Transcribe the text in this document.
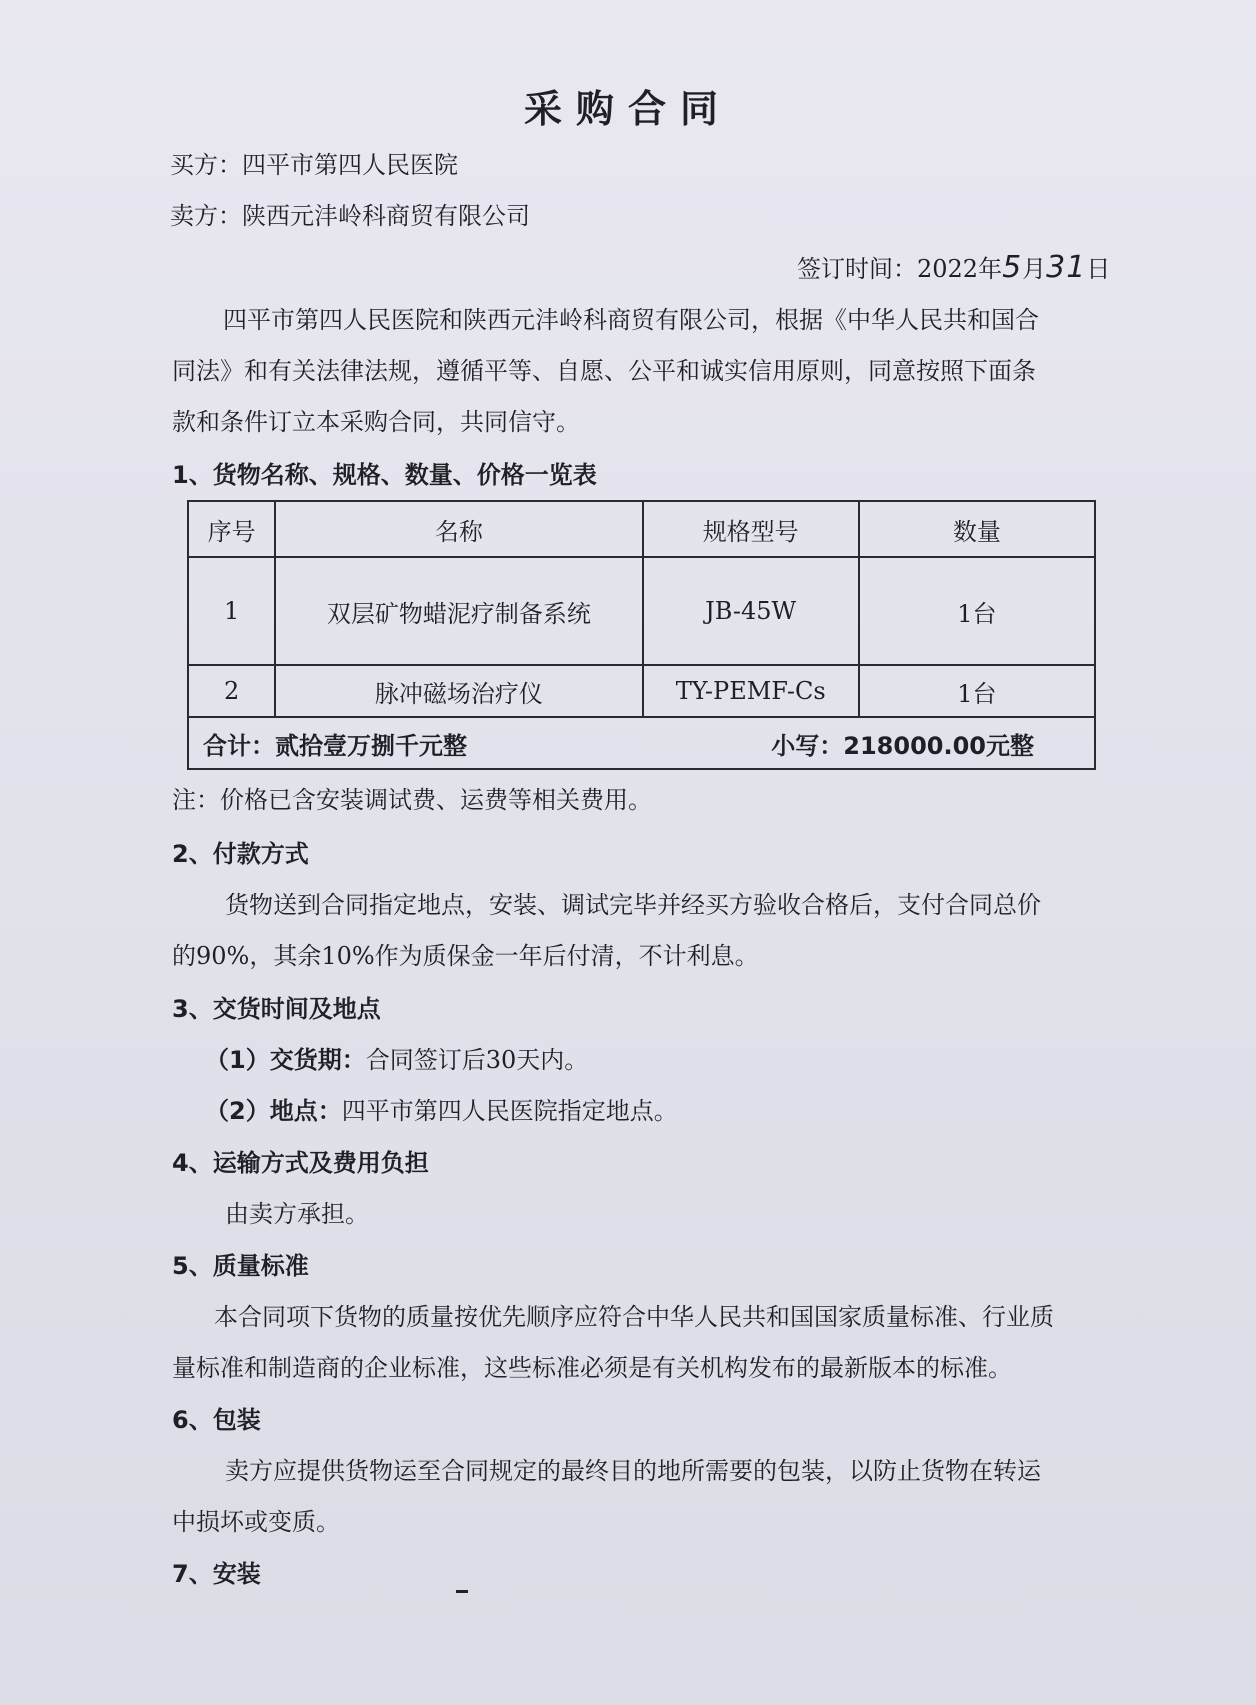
采购合同
买方：四平市第四人民医院
卖方：陕西元沣岭科商贸有限公司
签订时间：2022年5月31日
四平市第四人民医院和陕西元沣岭科商贸有限公司，根据《中华人民共和国合
同法》和有关法律法规，遵循平等、自愿、公平和诚实信用原则，同意按照下面条
款和条件订立本采购合同，共同信守。
1、货物名称、规格、数量、价格一览表
序号	名称	规格型号	数量
1	双层矿物蜡泥疗制备系统	JB-45W	1台
2	脉冲磁场治疗仪	TY-PEMF-Cs	1台

合计：贰拾壹万捌千元整 小写：218000.00元整			
注：价格已含安装调试费、运费等相关费用。
2、付款方式
货物送到合同指定地点，安装、调试完毕并经买方验收合格后，支付合同总价
的90%，其余10%作为质保金一年后付清，不计利息。
3、交货时间及地点
（1）交货期：合同签订后30天内。
（2）地点：四平市第四人民医院指定地点。
4、运输方式及费用负担
由卖方承担。
5、质量标准
本合同项下货物的质量按优先顺序应符合中华人民共和国国家质量标准、行业质
量标准和制造商的企业标准，这些标准必须是有关机构发布的最新版本的标准。
6、包装
卖方应提供货物运至合同规定的最终目的地所需要的包装，以防止货物在转运
中损坏或变质。
7、安装
